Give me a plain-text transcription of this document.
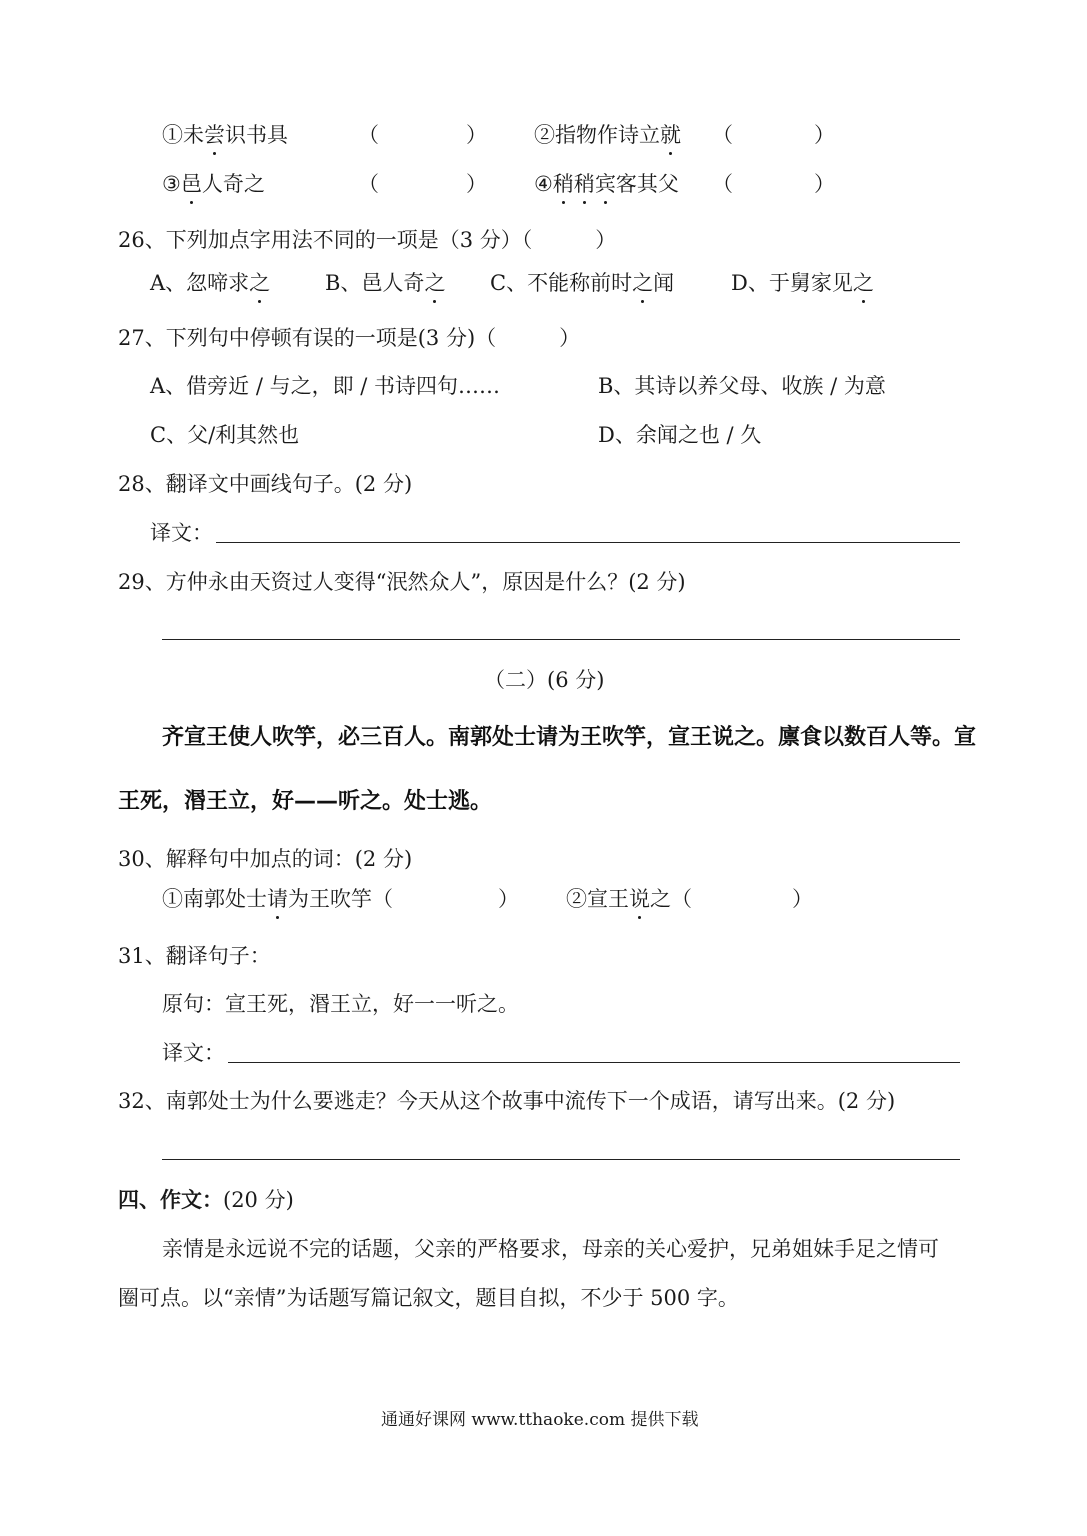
①未尝识书具	（	） ②指物作诗立就 （	）
③邑人奇之	（	） ④稍稍宾客其父 （	）
26、下列加点字用法不同的一项是（3 分）（　　　）
A、忽啼求之	B、邑人奇之 C、不能称前时之闻	D、于舅家见之
27、下列句中停顿有误的一项是(3 分)（　　　）
A、借旁近 / 与之，即 / 书诗四句……	B、其诗以养父母、收族 / 为意
C、父/利其然也	D、余闻之也 / 久
28、翻译文中画线句子。(2 分)
译文：
29、方仲永由天资过人变得“泯然众人”，原因是什么？(2 分)
（二）(6 分)
齐宣王使人吹竽，必三百人。南郭处士请为王吹竽，宣王说之。廪食以数百人等。宣
王死，湣王立，好——听之。处士逃。
30、解释句中加点的词：(2 分)
①南郭处士请为王吹竽（	） ②宣王说之（	）
31、翻译句子：
原句：宣王死，湣王立，好一一听之。
译文：
32、南郭处士为什么要逃走？今天从这个故事中流传下一个成语，请写出来。(2 分)
四、作文：(20 分)
亲情是永远说不完的话题，父亲的严格要求，母亲的关心爱护，兄弟姐妹手足之情可
圈可点。以“亲情”为话题写篇记叙文，题目自拟，不少于 500 字。
通通好课网 www.tthaoke.com 提供下载
